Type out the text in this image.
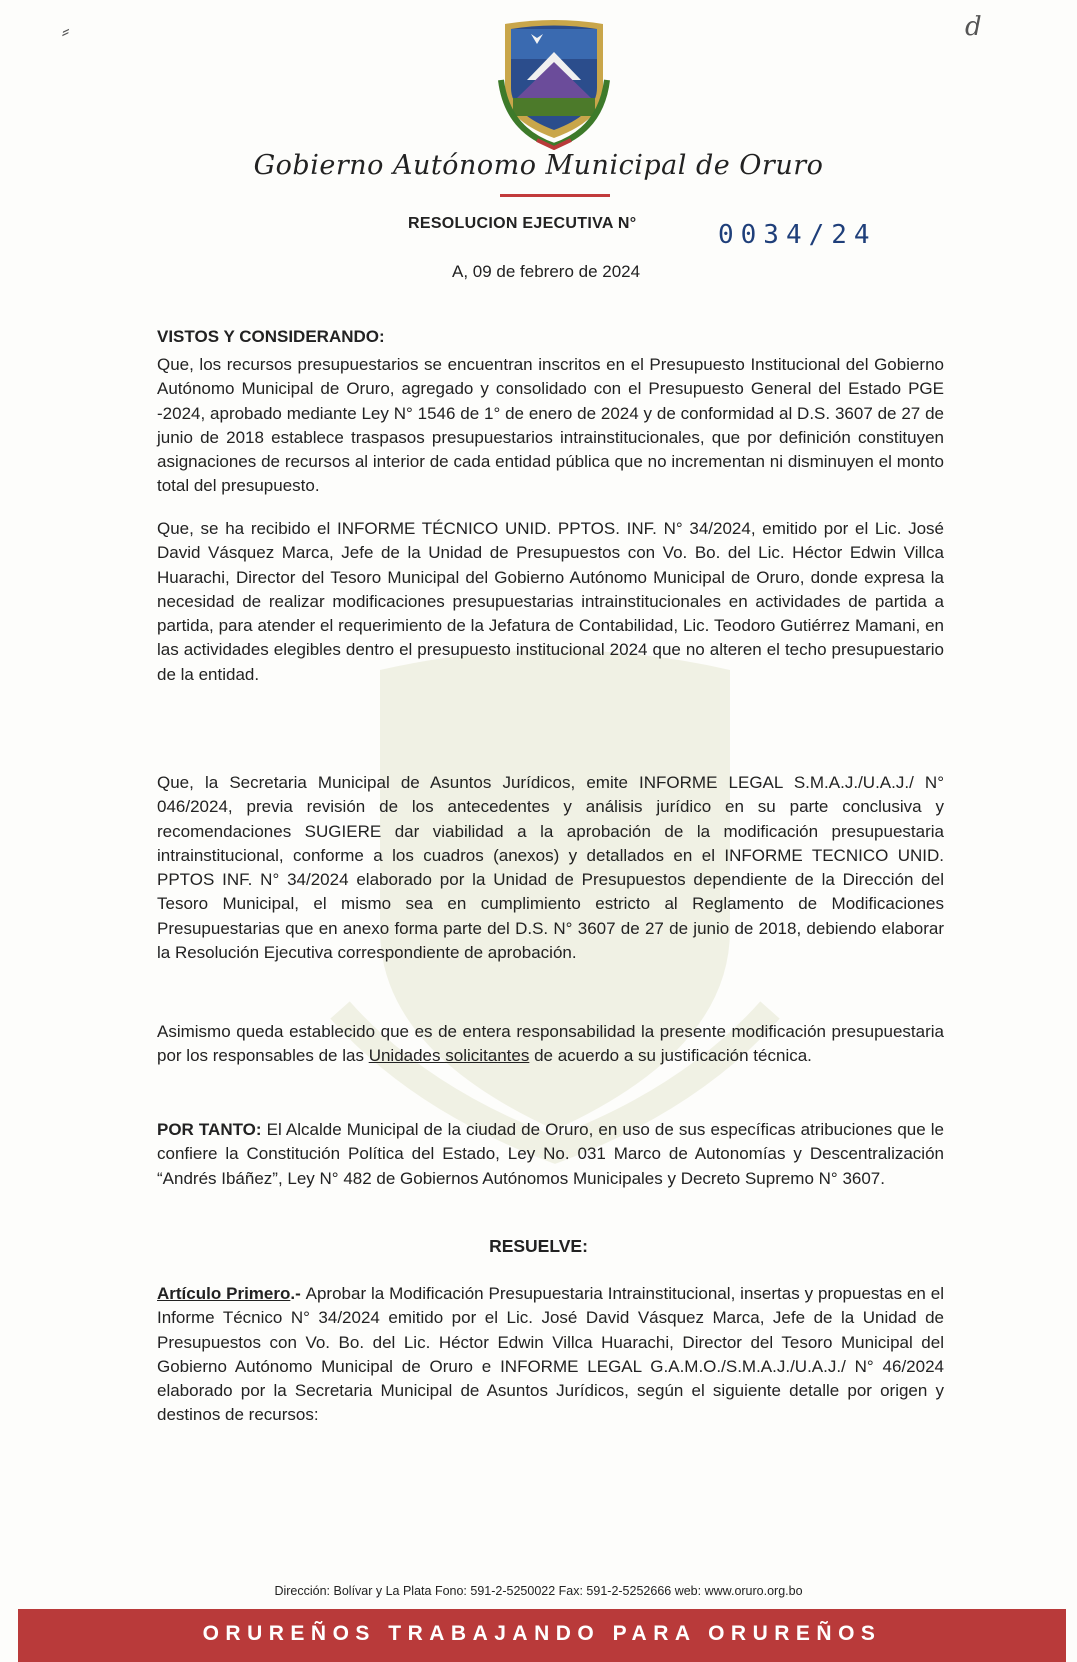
⸗	d
Gobierno Autónomo Municipal de Oruro
RESOLUCION EJECUTIVA N°	0034/24
A, 09 de febrero de 2024
VISTOS Y CONSIDERANDO:
Que, los recursos presupuestarios se encuentran inscritos en el Presupuesto Institucional del Gobierno Autónomo Municipal de Oruro, agregado y consolidado con el Presupuesto General del Estado PGE -2024, aprobado mediante Ley N° 1546 de 1° de enero de 2024 y de conformidad al D.S. 3607 de 27 de junio de 2018 establece traspasos presupuestarios intrainstitucionales, que por definición constituyen asignaciones de recursos al interior de cada entidad pública que no incrementan ni disminuyen el monto total del presupuesto.
Que, se ha recibido el INFORME TÉCNICO UNID. PPTOS. INF. N° 34/2024, emitido por el Lic. José David Vásquez Marca, Jefe de la Unidad de Presupuestos con Vo. Bo. del Lic. Héctor Edwin Villca Huarachi, Director del Tesoro Municipal del Gobierno Autónomo Municipal de Oruro, donde expresa la necesidad de realizar modificaciones presupuestarias intrainstitucionales en actividades de partida a partida, para atender el requerimiento de la Jefatura de Contabilidad, Lic. Teodoro Gutiérrez Mamani, en las actividades elegibles dentro el presupuesto institucional 2024 que no alteren el techo presupuestario de la entidad.
Que, la Secretaria Municipal de Asuntos Jurídicos, emite INFORME LEGAL S.M.A.J./U.A.J./ N° 046/2024, previa revisión de los antecedentes y análisis jurídico en su parte conclusiva y recomendaciones SUGIERE dar viabilidad a la aprobación de la modificación presupuestaria intrainstitucional, conforme a los cuadros (anexos) y detallados en el INFORME TECNICO UNID. PPTOS INF. N° 34/2024 elaborado por la Unidad de Presupuestos dependiente de la Dirección del Tesoro Municipal, el mismo sea en cumplimiento estricto al Reglamento de Modificaciones Presupuestarias que en anexo forma parte del D.S. N° 3607 de 27 de junio de 2018, debiendo elaborar la Resolución Ejecutiva correspondiente de aprobación.
Asimismo queda establecido que es de entera responsabilidad la presente modificación presupuestaria por los responsables de las Unidades solicitantes de acuerdo a su justificación técnica.
POR TANTO: El Alcalde Municipal de la ciudad de Oruro, en uso de sus específicas atribuciones que le confiere la Constitución Política del Estado, Ley No. 031 Marco de Autonomías y Descentralización “Andrés Ibáñez”, Ley N° 482 de Gobiernos Autónomos Municipales y Decreto Supremo N° 3607.
RESUELVE:
Artículo Primero.- Aprobar la Modificación Presupuestaria Intrainstitucional, insertas y propuestas en el Informe Técnico N° 34/2024 emitido por el Lic. José David Vásquez Marca, Jefe de la Unidad de Presupuestos con Vo. Bo. del Lic. Héctor Edwin Villca Huarachi, Director del Tesoro Municipal del Gobierno Autónomo Municipal de Oruro e INFORME LEGAL G.A.M.O./S.M.A.J./U.A.J./ N° 46/2024 elaborado por la Secretaria Municipal de Asuntos Jurídicos, según el siguiente detalle por origen y destinos de recursos:
Dirección: Bolívar y La Plata Fono: 591-2-5250022 Fax: 591-2-5252666 web: www.oruro.org.bo
ORUREÑOS TRABAJANDO PARA ORUREÑOS
